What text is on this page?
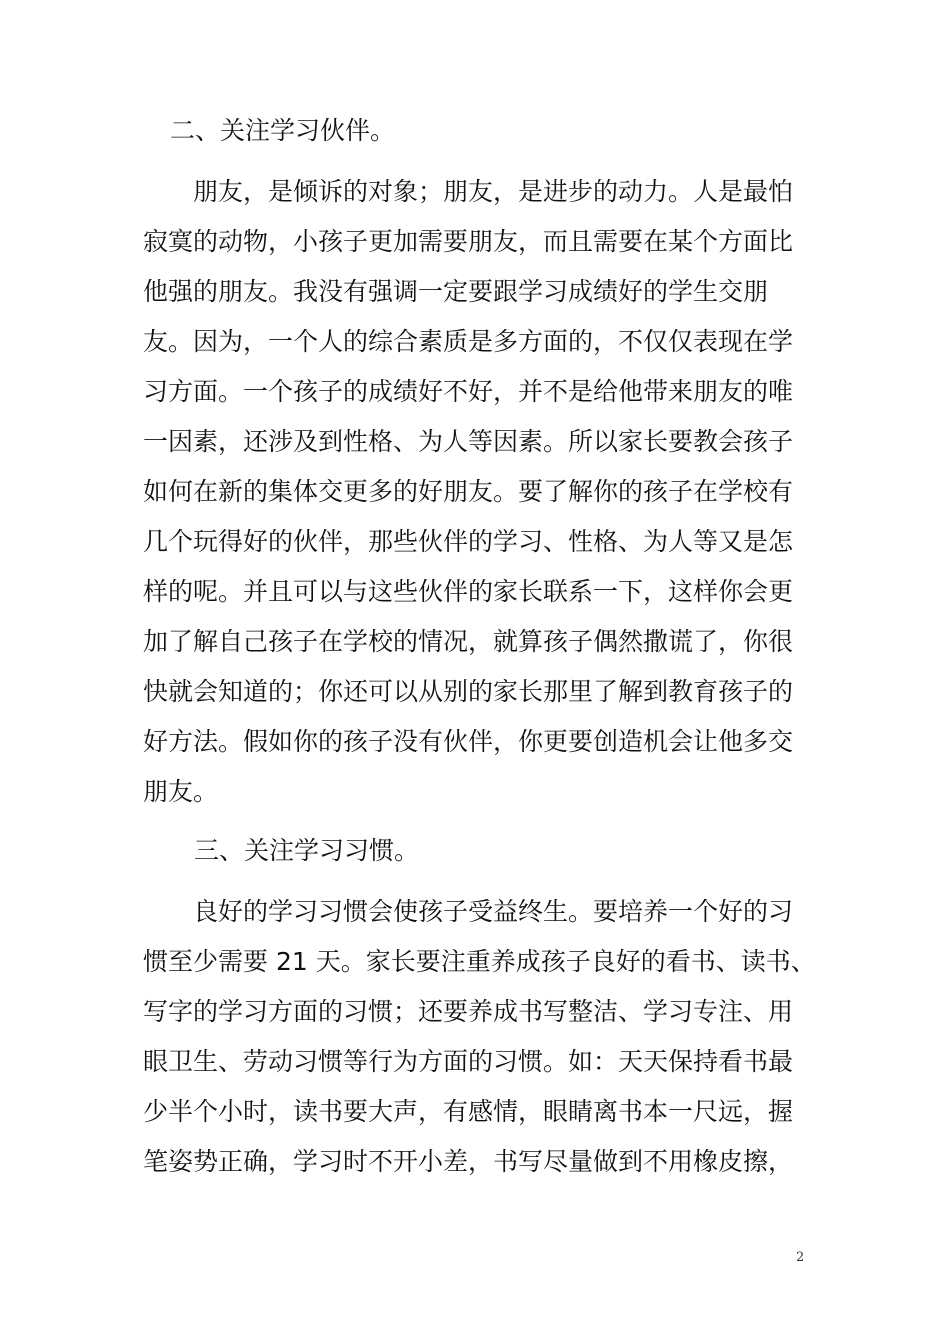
二、关注学习伙伴。

朋友，是倾诉的对象；朋友，是进步的动力。人是最怕
寂寞的动物，小孩子更加需要朋友，而且需要在某个方面比
他强的朋友。我没有强调一定要跟学习成绩好的学生交朋
友。因为，一个人的综合素质是多方面的，不仅仅表现在学
习方面。一个孩子的成绩好不好，并不是给他带来朋友的唯
一因素，还涉及到性格、为人等因素。所以家长要教会孩子
如何在新的集体交更多的好朋友。要了解你的孩子在学校有
几个玩得好的伙伴，那些伙伴的学习、性格、为人等又是怎
样的呢。并且可以与这些伙伴的家长联系一下，这样你会更
加了解自己孩子在学校的情况，就算孩子偶然撒谎了，你很
快就会知道的；你还可以从别的家长那里了解到教育孩子的
好方法。假如你的孩子没有伙伴，你更要创造机会让他多交
朋友。

三、关注学习习惯。

良好的学习习惯会使孩子受益终生。要培养一个好的习
惯至少需要 21 天。家长要注重养成孩子良好的看书、读书、
写字的学习方面的习惯；还要养成书写整洁、学习专注、用
眼卫生、劳动习惯等行为方面的习惯。如：天天保持看书最
少半个小时，读书要大声，有感情，眼睛离书本一尺远，握
笔姿势正确，学习时不开小差，书写尽量做到不用橡皮擦，

2
